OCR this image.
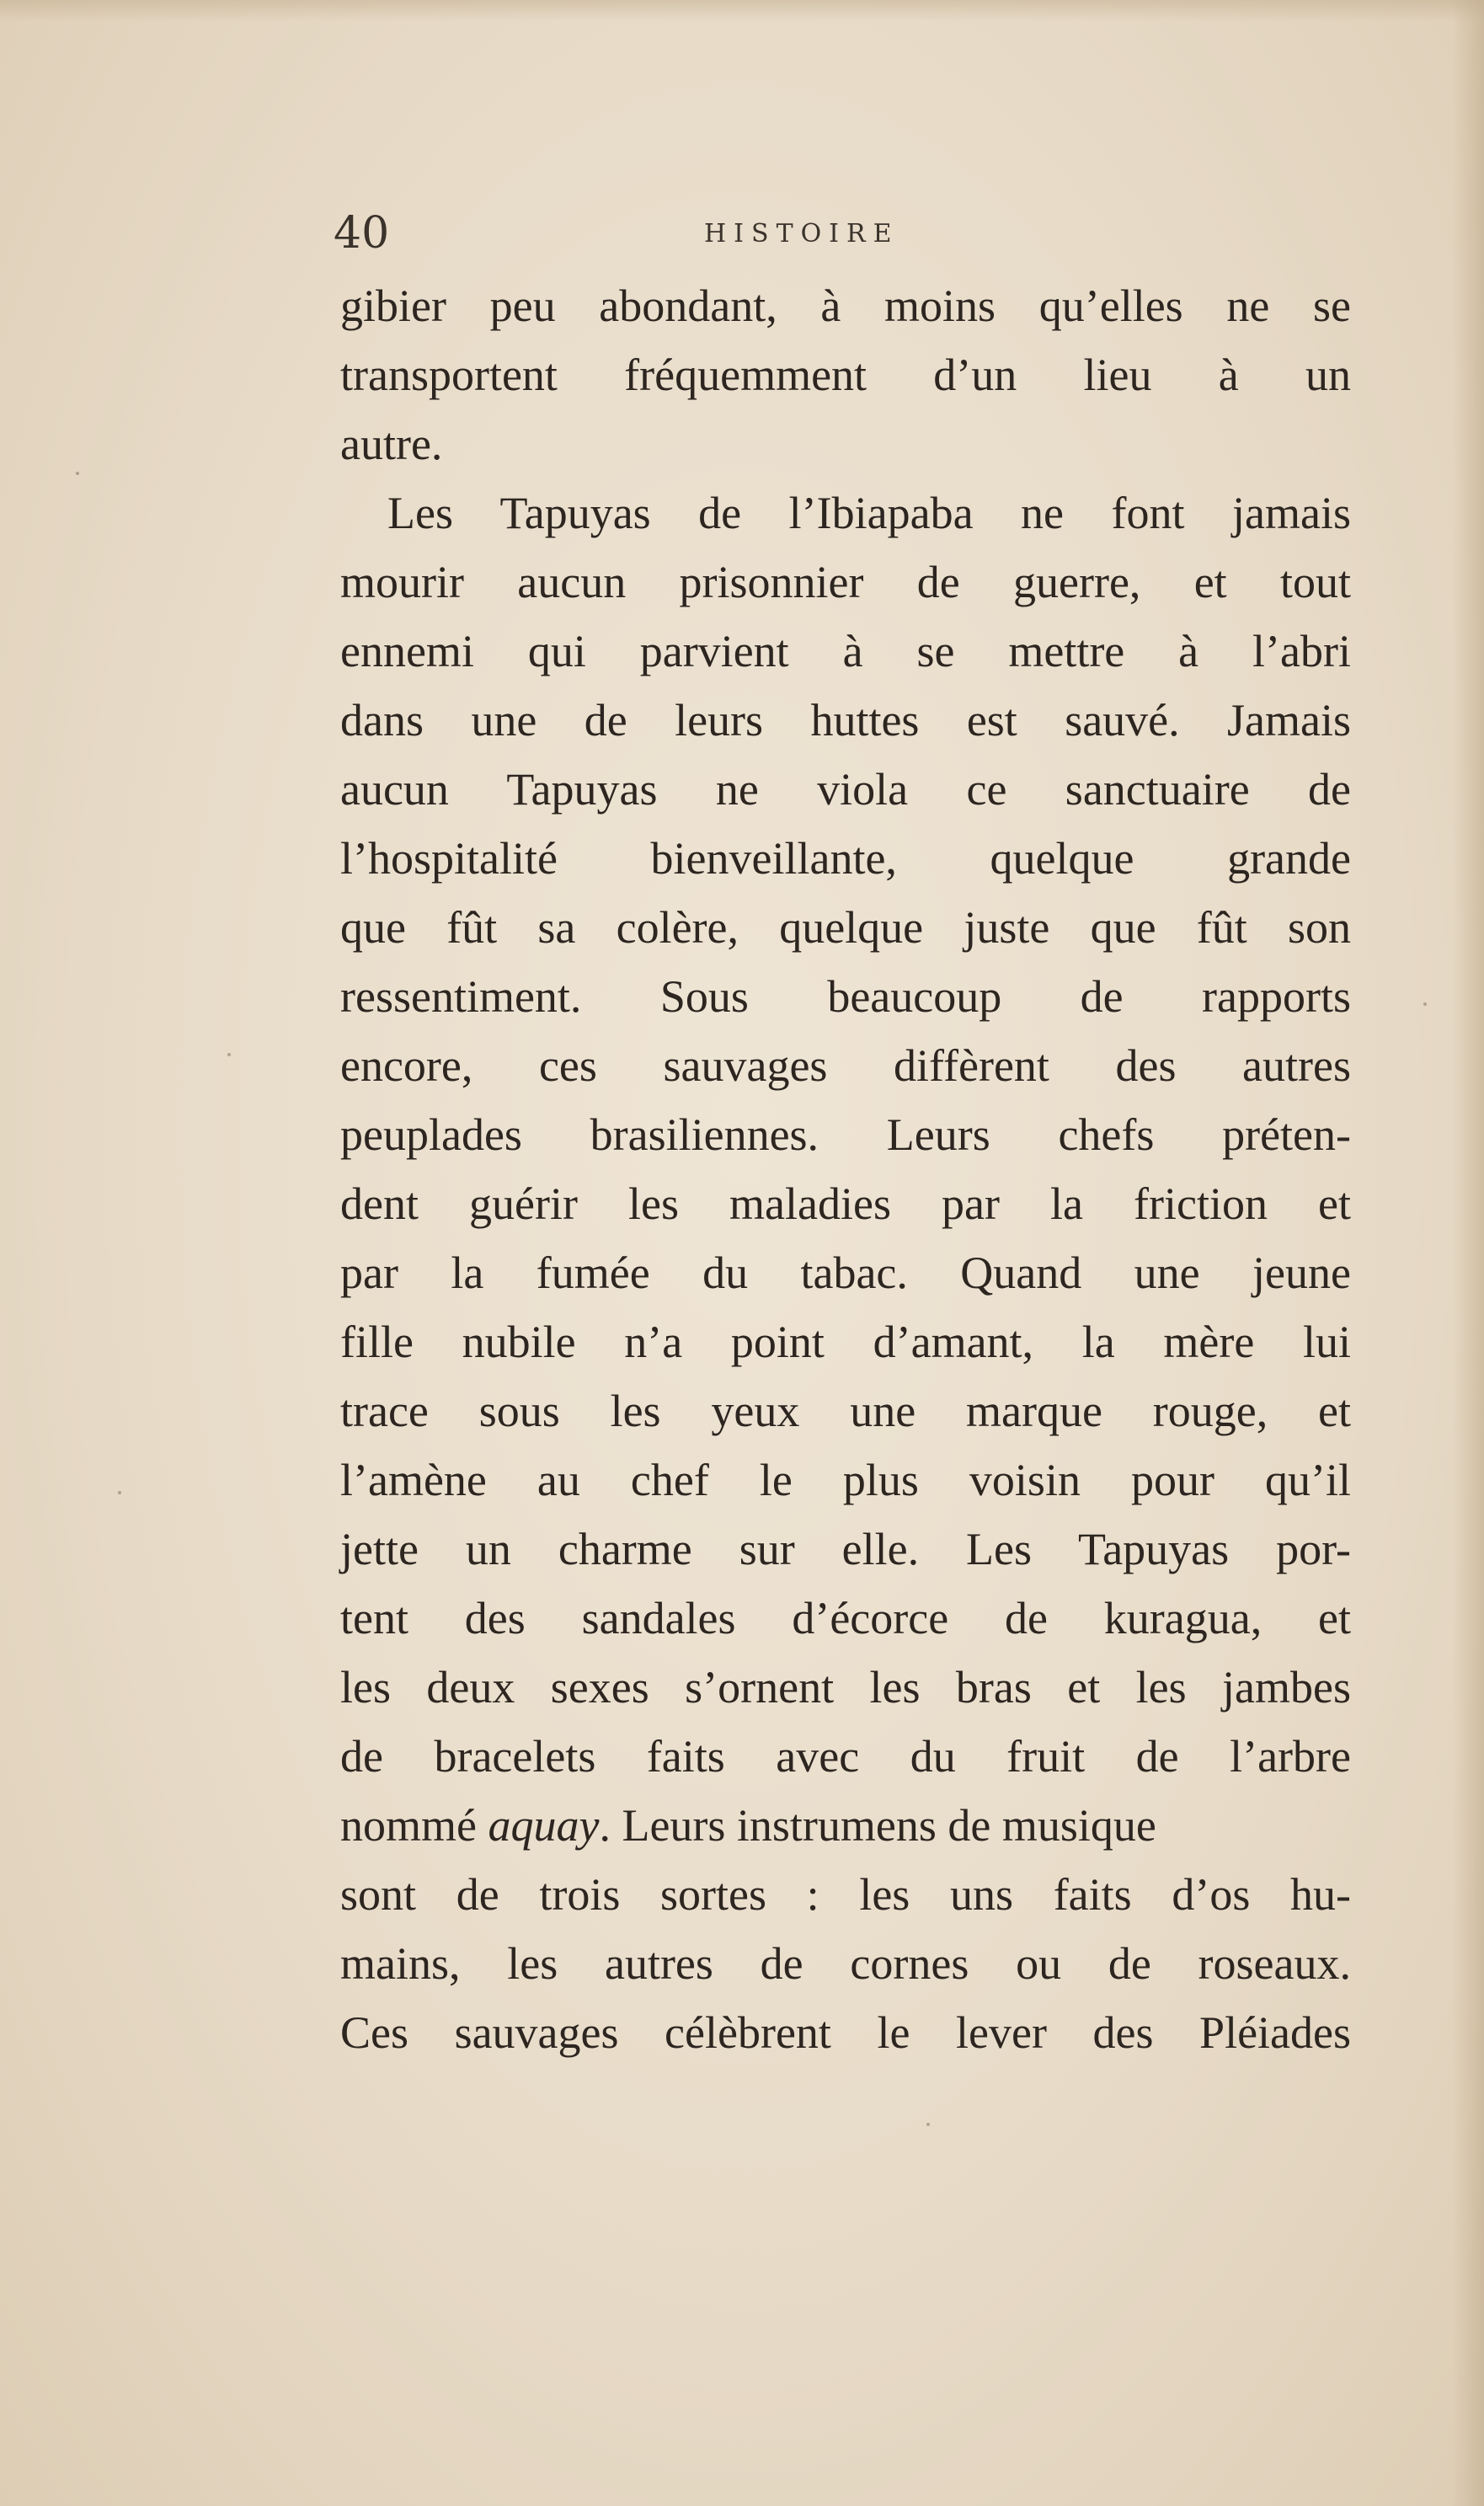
40	HISTOIRE
gibier peu abondant, à moins qu’elles ne se
transportent fréquemment d’un lieu à un
autre.
Les Tapuyas de l’Ibiapaba ne font jamais
mourir aucun prisonnier de guerre, et tout
ennemi qui parvient à se mettre à l’abri
dans une de leurs huttes est sauvé. Jamais
aucun Tapuyas ne viola ce sanctuaire de
l’hospitalité bienveillante, quelque grande
que fût sa colère, quelque juste que fût son
ressentiment. Sous beaucoup de rapports
encore, ces sauvages diffèrent des autres
peuplades brasiliennes. Leurs chefs préten-
dent guérir les maladies par la friction et
par la fumée du tabac. Quand une jeune
fille nubile n’a point d’amant, la mère lui
trace sous les yeux une marque rouge, et
l’amène au chef le plus voisin pour qu’il
jette un charme sur elle. Les Tapuyas por-
tent des sandales d’écorce de kuragua, et
les deux sexes s’ornent les bras et les jambes
de bracelets faits avec du fruit de l’arbre
nommé aquay. Leurs instrumens de musique
sont de trois sortes : les uns faits d’os hu-
mains, les autres de cornes ou de roseaux.
Ces sauvages célèbrent le lever des Pléiades
